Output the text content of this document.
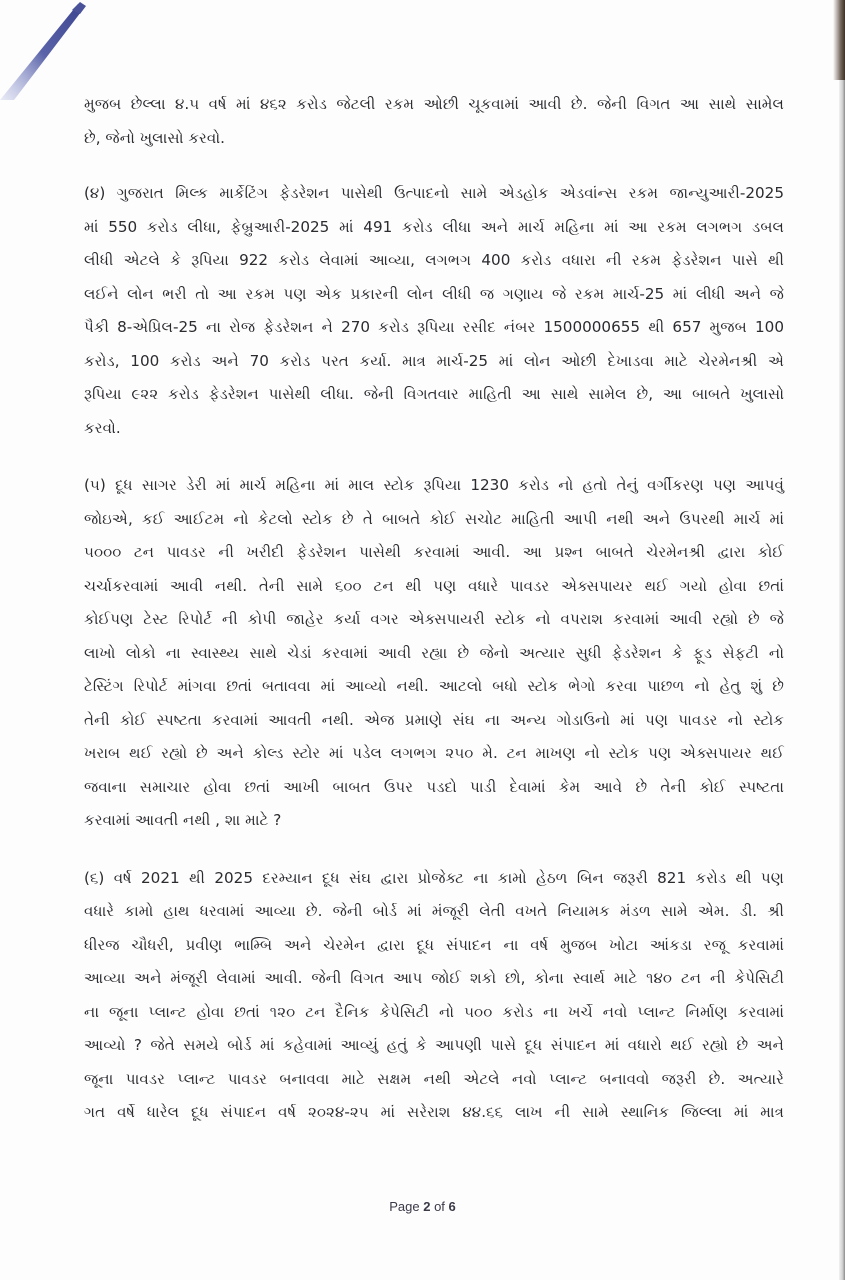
મુજબ છેલ્લા ૪.૫ વર્ષ માં ૪૬૨ કરોડ જેટલી રકમ ઓછી ચૂકવામાં આવી છે. જેની વિગત આ સાથે સામેલ
છે, જેનો ખુલાસો કરવો.
(૪) ગુજરાત મિલ્ક માર્કેટિંગ ફેડરેશન પાસેથી ઉત્પાદનો સામે એડહોક એડવાંન્સ રકમ જાન્યુઆરી-2025
માં 550 કરોડ લીધા, ફેબ્રુઆરી-2025 માં 491 કરોડ લીધા અને માર્ચ મહિના માં આ રકમ લગભગ ડબલ
લીધી એટલે કે રૂપિયા 922 કરોડ લેવામાં આવ્યા, લગભગ 400 કરોડ વધારા ની રકમ ફેડરેશન પાસે થી
લઈને લોન ભરી તો આ રકમ પણ એક પ્રકારની લોન લીધી જ ગણાય જે રકમ માર્ચ-25 માં લીધી અને જે
પૈકી 8-એપ્રિલ-25 ના રોજ ફેડરેશન ને 270 કરોડ રૂપિયા રસીદ નંબર 1500000655 થી 657 મુજબ 100
કરોડ, 100 કરોડ અને 70 કરોડ પરત કર્યા. માત્ર માર્ચ-25 માં લોન ઓછી દેખાડવા માટે ચેરમેનશ્રી એ
રૂપિયા ૯૨૨ કરોડ ફેડરેશન પાસેથી લીધા. જેની વિગતવાર માહિતી આ સાથે સામેલ છે, આ બાબતે ખુલાસો
કરવો.
(૫) દૂધ સાગર ડેરી માં માર્ચ મહિના માં માલ સ્ટોક રૂપિયા 1230 કરોડ નો હતો તેનું વર્ગીકરણ પણ આપવું
જોઇએ, કઈ આઈટમ નો કેટલો સ્ટોક છે તે બાબતે કોઈ સચોટ માહિતી આપી નથી અને ઉપરથી માર્ચ માં
૫૦૦૦ ટન પાવડર ની ખરીદી ફેડરેશન પાસેથી કરવામાં આવી. આ પ્રશ્ન બાબતે ચેરમેનશ્રી દ્વારા કોઈ
ચર્ચાકરવામાં આવી નથી. તેની સામે ૬૦૦ ટન થી પણ વધારે પાવડર એક્સપાયર થઈ ગયો હોવા છતાં
કોઈપણ ટેસ્ટ રિપોર્ટ ની કોપી જાહેર કર્યા વગર એક્સપાયરી સ્ટોક નો વપરાશ કરવામાં આવી રહ્યો છે જે
લાખો લોકો ના સ્વાસ્થ્ય સાથે ચેડાં કરવામાં આવી રહ્યા છે જેનો અત્યાર સુધી ફેડરેશન કે ફૂડ સેફટી નો
ટેસ્ટિંગ રિપોર્ટ માંગવા છતાં બતાવવા માં આવ્યો નથી. આટલો બધો સ્ટોક ભેગો કરવા પાછળ નો હેતુ શું છે
તેની કોઈ સ્પષ્ટતા કરવામાં આવતી નથી. એજ પ્રમાણે સંઘ ના અન્ય ગોડાઉનો માં પણ પાવડર નો સ્ટોક
ખરાબ થઈ રહ્યો છે અને કોલ્ડ સ્ટોર માં પડેલ લગભગ ૨૫૦ મે. ટન માખણ નો સ્ટોક પણ એક્સપાયર થઈ
જવાના સમાચાર હોવા છતાં આખી બાબત ઉપર પડદો પાડી દેવામાં કેમ આવે છે તેની કોઈ સ્પષ્ટતા
કરવામાં આવતી નથી , શા માટે ?
(૬) વર્ષ 2021 થી 2025 દરમ્યાન દૂધ સંઘ દ્વારા પ્રોજેક્ટ ના કામો હેઠળ બિન જરૂરી 821 કરોડ થી પણ
વધારે કામો હાથ ધરવામાં આવ્યા છે. જેની બોર્ડ માં મંજૂરી લેતી વખતે નિયામક મંડળ સામે એમ. ડી. શ્રી
ધીરજ ચૌધરી, પ્રવીણ ભામ્બિ અને ચેરમેન દ્વારા દૂધ સંપાદન ના વર્ષ મુજબ ખોટા આંકડા રજૂ કરવામાં
આવ્યા અને મંજૂરી લેવામાં આવી. જેની વિગત આપ જોઈ શકો છો, કોના સ્વાર્થ માટે ૧૪૦ ટન ની કેપેસિટી
ના જૂના પ્લાન્ટ હોવા છતાં ૧૨૦ ટન દૈનિક કેપેસિટી નો ૫૦૦ કરોડ ના ખર્ચે નવો પ્લાન્ટ નિર્માણ કરવામાં
આવ્યો ? જેતે સમયે બોર્ડ માં કહેવામાં આવ્યું હતું કે આપણી પાસે દૂધ સંપાદન માં વધારો થઈ રહ્યો છે અને
જૂના પાવડર પ્લાન્ટ પાવડર બનાવવા માટે સક્ષમ નથી એટલે નવો પ્લાન્ટ બનાવવો જરૂરી છે. અત્યારે
ગત વર્ષે ધારેલ દૂધ સંપાદન વર્ષ ૨૦૨૪-૨૫ માં સરેરાશ ૪૪.૬૬ લાખ ની સામે સ્થાનિક જિલ્લા માં માત્ર
Page 2 of 6
